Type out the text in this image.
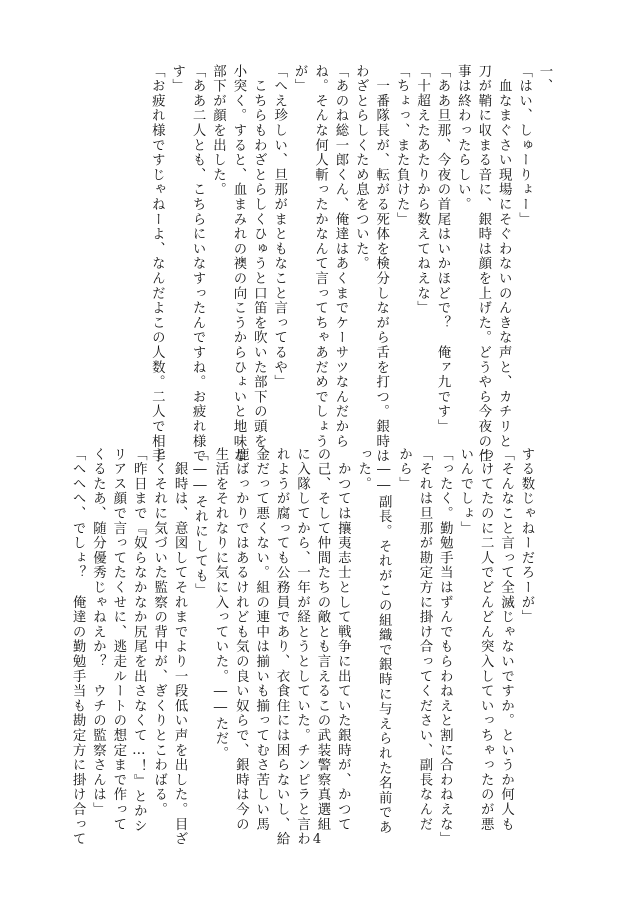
一、
「はい、しゅーりょー」
　血なまぐさい現場にそぐわないのんきな声と、カチリと
刀が鞘に収まる音に、銀時は顔を上げた。どうやら今夜の仕
事は終わったらしい。
「ああ旦那、今夜の首尾はいかほどで？　俺ァ九です」
「十超えたあたりから数えてねえな」
「ちょっ、また負けた」
　一番隊長が、転がる死体を検分しながら舌を打つ。銀時は
わざとらしくため息をついた。
「あのね総一郎くん、俺達はあくまでケーサツなんだから
ね。そんな何人斬ったかなんて言ってちゃあだめでしょう
が」
「へえ珍しい、旦那がまともなこと言ってるや」
　こちらもわざとらしくひゅうと口笛を吹いた部下の頭を
小突く。すると、血まみれの襖の向こうからひょいと地味な
部下が顔を出した。
「ああ二人とも、こちらにいなすったんですね。お疲れ様で
す」
「お疲れ様ですじゃねーよ、なんだよこの人数。二人で相手
する数じゃねーだろーが」
「そんなこと言って全滅じゃないですか。というか何人も
つけてたのに二人でどんどん突入していっちゃったのが悪
いんでしょ」
「ったく。勤勉手当はずんでもらわねえと割に合わねえな」
「それは旦那が勘定方に掛け合ってください、副長なんだ
から」
　――副長。それがこの組織で銀時に与えられた名前であ
った。
　かつては攘夷志士として戦争に出ていた銀時が、かつて
の己、そして仲間たちの敵とも言えるこの武装警察真選組
に入隊してから、一年が経とうとしていた。チンピラと言わ
れようが腐っても公務員であり、衣食住には困らないし、給
金だって悪くない。組の連中は揃いも揃ってむさ苦しい馬
鹿ばっかりではあるけれども気の良い奴らで、銀時は今の
生活をそれなりに気に入っていた。――ただ。
「――それにしても」
　銀時は、意図してそれまでより一段低い声を出した。目ざ
とくそれに気づいた監察の背中が、ぎくりとこわばる。
「昨日まで『奴らなかなか尻尾を出さなくて…！』とかシ
リアス顔で言ってたくせに、逃走ルートの想定まで作って
くるたあ、随分優秀じゃねえか？　ウチの監察さんは」
「へへへ、でしょ？　俺達の勤勉手当も勘定方に掛け合って	4
